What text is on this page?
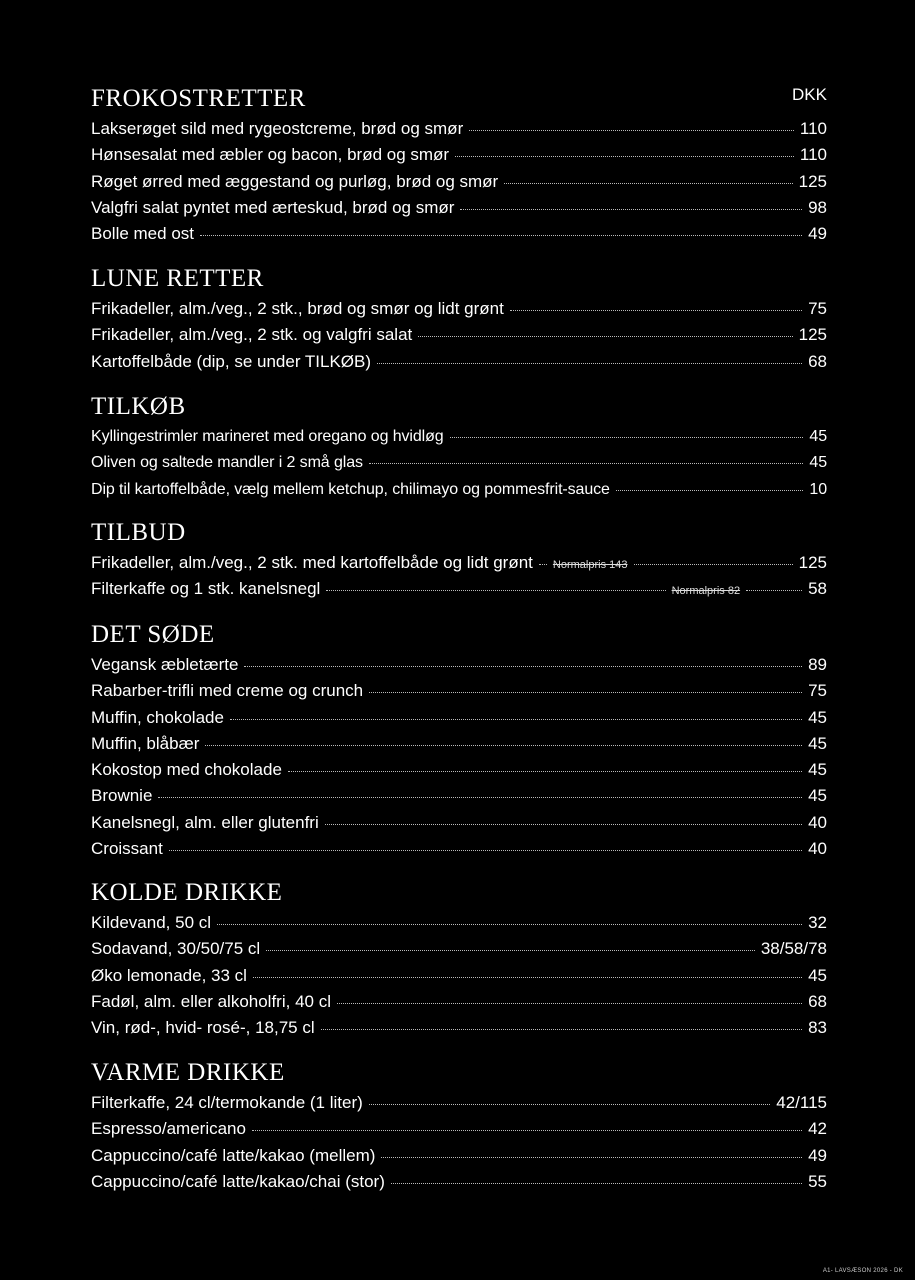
FROKOSTRETTER	DKK
Lakserøget sild med rygeostcreme, brød og smør	110
Hønsesalat med æbler og bacon, brød og smør	110
Røget ørred med æggestand og purløg, brød og smør	125
Valgfri salat pyntet med ærteskud, brød og smør	98
Bolle med ost	49
LUNE RETTER
Frikadeller, alm./veg., 2 stk., brød og smør og lidt grønt	75
Frikadeller, alm./veg., 2 stk. og valgfri salat	125
Kartoffelbåde (dip, se under TILKØB)	68
TILKØB
Kyllingestrimler marineret med oregano og hvidløg	45
Oliven og saltede mandler i 2 små glas	45
Dip til kartoffelbåde, vælg mellem ketchup, chilimayo og pommesfrit-sauce	10
TILBUD
Frikadeller, alm./veg., 2 stk. med kartoffelbåde og lidt grønt Normalpris 143	125
Filterkaffe og 1 stk. kanelsnegl	Normalpris 82	58
DET SØDE
Vegansk æbletærte	89
Rabarber-trifli med creme og crunch	75
Muffin, chokolade	45
Muffin, blåbær	45
Kokostop med chokolade	45
Brownie	45
Kanelsnegl, alm. eller glutenfri	40
Croissant	40
KOLDE DRIKKE
Kildevand, 50 cl	32
Sodavand, 30/50/75 cl	38/58/78
Øko lemonade, 33 cl	45
Fadøl, alm. eller alkoholfri, 40 cl	68
Vin, rød-, hvid- rosé-, 18,75 cl	83
VARME DRIKKE
Filterkaffe, 24 cl/termokande (1 liter)	42/115
Espresso/americano	42
Cappuccino/café latte/kakao (mellem)	49
Cappuccino/café latte/kakao/chai (stor)	55
A1- LAVSÆSON 2026 - DK
